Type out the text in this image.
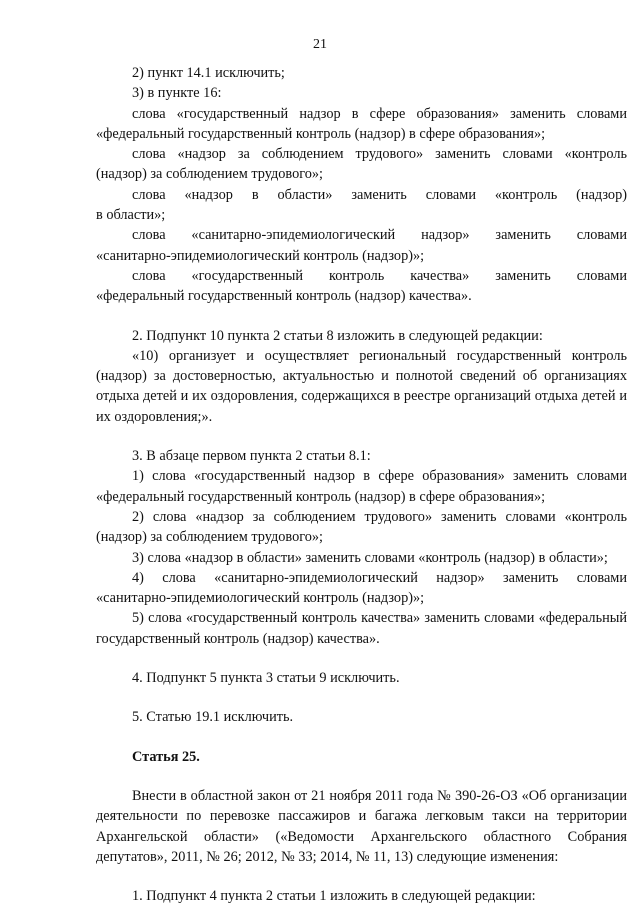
21

2) пункт 14.1 исключить;

3) в пункте 16:

слова «государственный надзор в сфере образования» заменить словами

«федеральный государственный контроль (надзор) в сфере образования»;

слова «надзор за соблюдением трудового» заменить словами «контроль

(надзор) за соблюдением трудового»;

слова «надзор в области» заменить словами «контроль (надзор)

в области»;

слова «санитарно-эпидемиологический надзор» заменить словами

«санитарно-эпидемиологический контроль (надзор)»;

слова «государственный контроль качества» заменить словами

«федеральный государственный контроль (надзор) качества».

2. Подпункт 10 пункта 2 статьи 8 изложить в следующей редакции:

«10) организует и осуществляет региональный государственный контроль (надзор) за достоверностью, актуальностью и полнотой сведений об организациях отдыха детей и их оздоровления, содержащихся в реестре организаций отдыха детей и их оздоровления;».

3. В абзаце первом пункта 2 статьи 8.1:

1) слова «государственный надзор в сфере образования» заменить словами «федеральный государственный контроль (надзор) в сфере образования»;

2) слова «надзор за соблюдением трудового» заменить словами «контроль (надзор) за соблюдением трудового»;

3) слова «надзор в области» заменить словами «контроль (надзор) в области»;

4) слова «санитарно-эпидемиологический надзор» заменить словами «санитарно-эпидемиологический контроль (надзор)»;

5) слова «государственный контроль качества» заменить словами «федеральный государственный контроль (надзор) качества».

4. Подпункт 5 пункта 3 статьи 9 исключить.

5. Статью 19.1 исключить.

Статья 25.

Внести в областной закон от 21 ноября 2011 года № 390-26-ОЗ «Об организации деятельности по перевозке пассажиров и багажа легковым такси на территории Архангельской области» («Ведомости Архангельского областного Собрания депутатов», 2011, № 26; 2012, № 33; 2014, № 11, 13) следующие изменения:

1. Подпункт 4 пункта 2 статьи 1 изложить в следующей редакции:
